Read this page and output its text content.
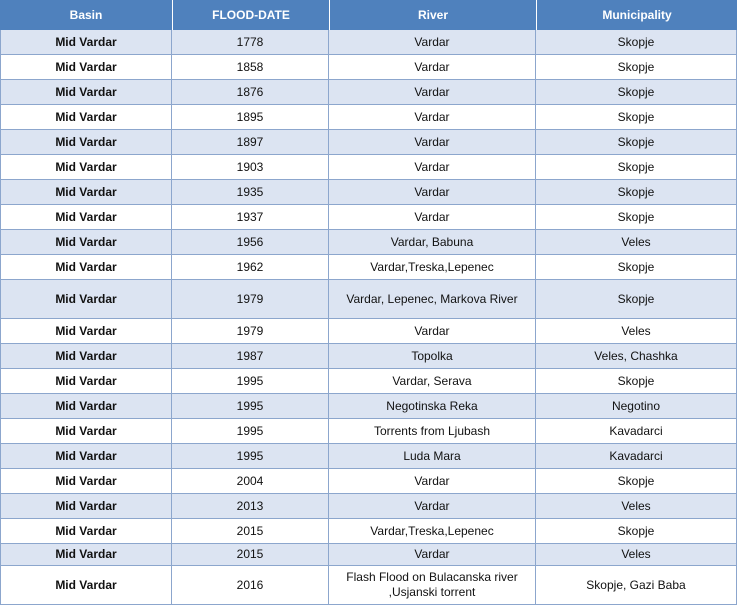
Basin	FLOOD-DATE	River	Municipality
Mid Vardar	1778	Vardar	Skopje
Mid Vardar	1858	Vardar	Skopje
Mid Vardar	1876	Vardar	Skopje
Mid Vardar	1895	Vardar	Skopje
Mid Vardar	1897	Vardar	Skopje
Mid Vardar	1903	Vardar	Skopje
Mid Vardar	1935	Vardar	Skopje
Mid Vardar	1937	Vardar	Skopje
Mid Vardar	1956	Vardar, Babuna	Veles
Mid Vardar	1962	Vardar,Treska,Lepenec	Skopje
Mid Vardar	1979	Vardar, Lepenec, Markova River	Skopje
Mid Vardar	1979	Vardar	Veles
Mid Vardar	1987	Topolka	Veles, Chashka
Mid Vardar	1995	Vardar, Serava	Skopje
Mid Vardar	1995	Negotinska Reka	Negotino
Mid Vardar	1995	Torrents from Ljubash	Kavadarci
Mid Vardar	1995	Luda Mara	Kavadarci
Mid Vardar	2004	Vardar	Skopje
Mid Vardar	2013	Vardar	Veles
Mid Vardar	2015	Vardar,Treska,Lepenec	Skopje
Mid Vardar	2015	Vardar	Veles
Mid Vardar	2016	Flash Flood on Bulacanska river ,Usjanski torrent	Skopje, Gazi Baba
